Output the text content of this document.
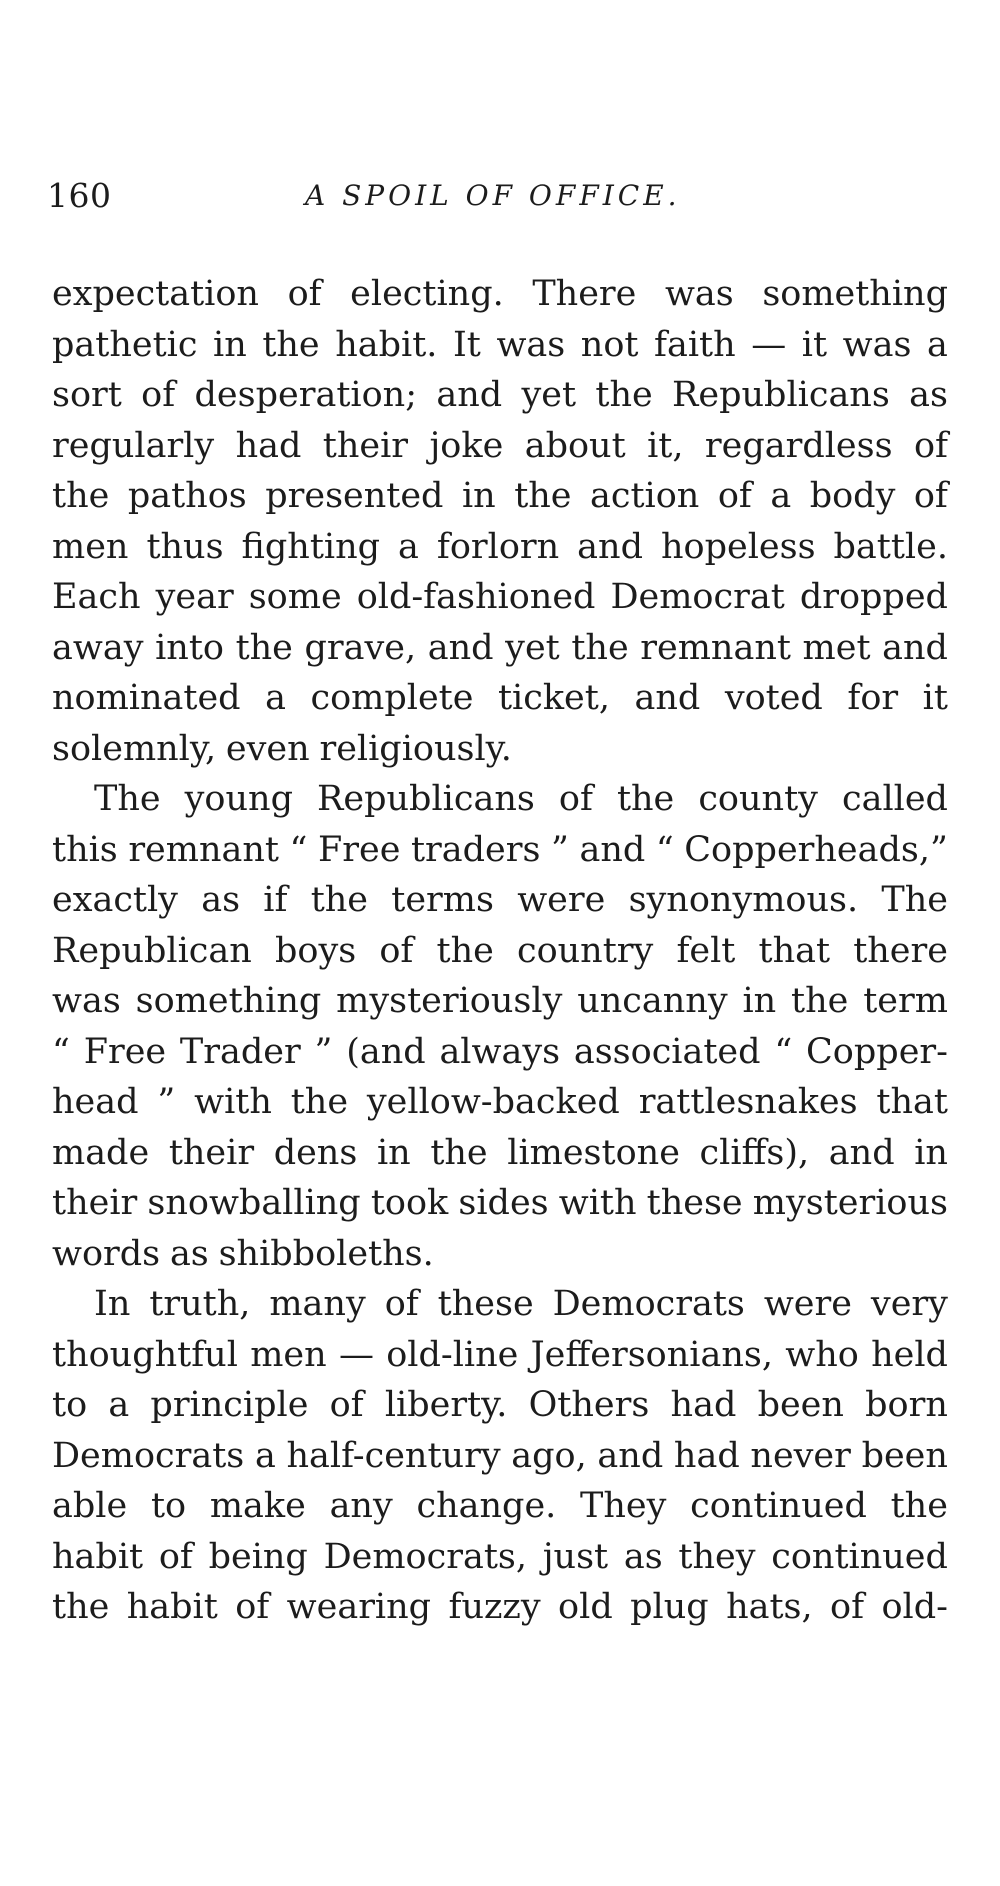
160	A SPOIL OF OFFICE.
expectation of electing. There was something
pathetic in the habit. It was not faith — it was a
sort of desperation; and yet the Republicans as
regularly had their joke about it, regardless of
the pathos presented in the action of a body of
men thus fighting a forlorn and hopeless battle.
Each year some old-fashioned Democrat dropped
away into the grave, and yet the remnant met and
nominated a complete ticket, and voted for it
solemnly, even religiously.
The young Republicans of the county called
this remnant “ Free traders ” and “ Copperheads,”
exactly as if the terms were synonymous. The
Republican boys of the country felt that there
was something mysteriously uncanny in the term
“ Free Trader ” (and always associated “ Copper-
head ” with the yellow-backed rattlesnakes that
made their dens in the limestone cliffs), and in
their snowballing took sides with these mysterious
words as shibboleths.
In truth, many of these Democrats were very
thoughtful men — old-line Jeffersonians, who held
to a principle of liberty. Others had been born
Democrats a half-century ago, and had never been
able to make any change. They continued the
habit of being Democrats, just as they continued
the habit of wearing fuzzy old plug hats, of old-
